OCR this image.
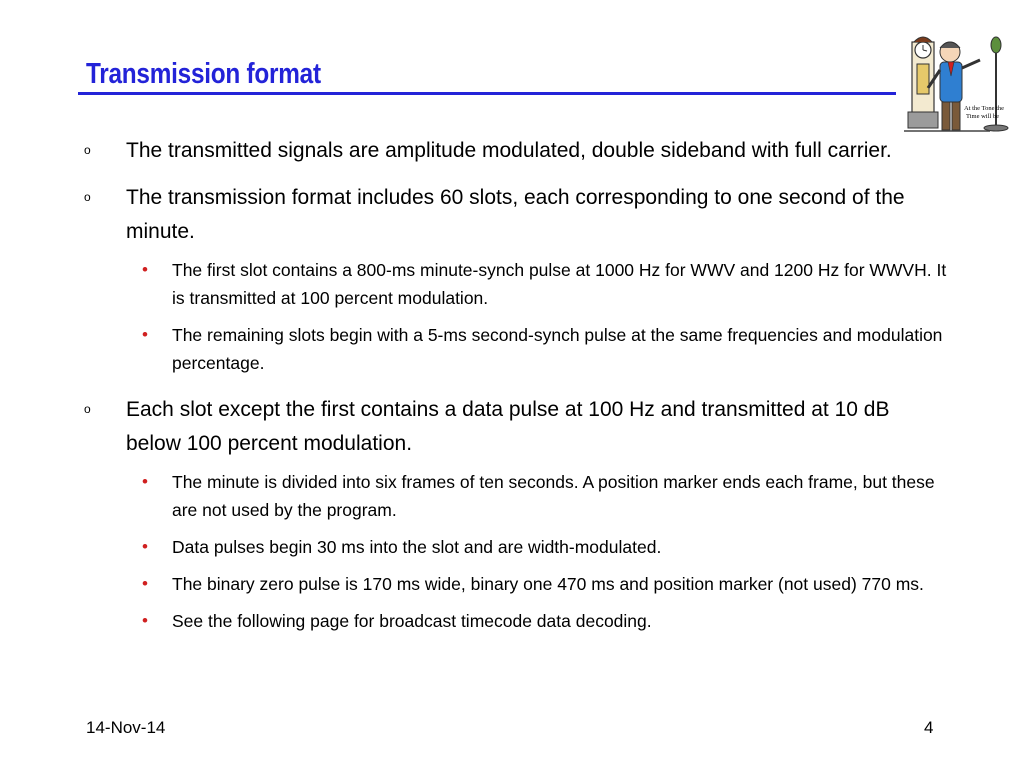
Transmission format
At the Tone the
Time will be
o The transmitted signals are amplitude modulated, double sideband with full carrier.
o The transmission format includes 60 slots, each corresponding to one second of the minute.
• The first slot contains a 800-ms minute-synch pulse at 1000 Hz for WWV and 1200 Hz for WWVH. It is transmitted at 100 percent modulation.
• The remaining slots begin with a 5-ms second-synch pulse at the same frequencies and modulation percentage.
o Each slot except the first contains a data pulse at 100 Hz and transmitted at 10 dB below 100 percent modulation.
• The minute is divided into six frames of ten seconds. A position marker ends each frame, but these are not used by the program.
• Data pulses begin 30 ms into the slot and are width-modulated.
• The binary zero pulse is 170 ms wide, binary one 470 ms and position marker (not used) 770 ms.
• See the following page for broadcast timecode data decoding.
14-Nov-14	4
